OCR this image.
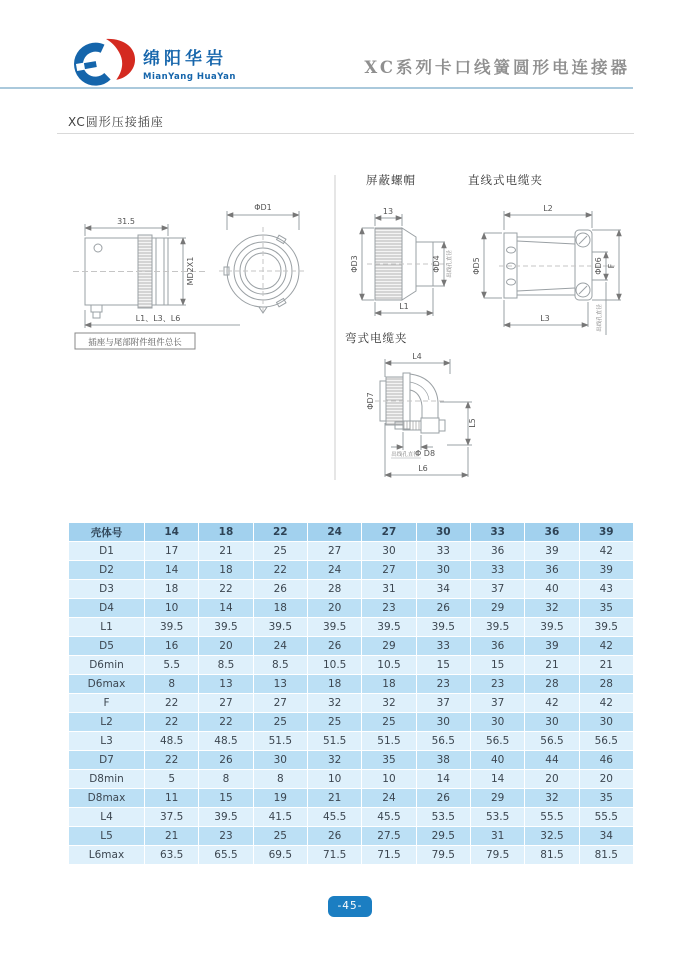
绵阳华岩
MianYang HuaYan	XC系列卡口线簧圆形电连接器
XC圆形压接插座
31.5
MD2X1
L1、L3、L6
插座与尾部附件组件总长
ΦD1
屏蔽螺帽
13
ΦD3	ΦD4	出线孔直径
L1
直线式电缆夹
L2
ΦD5	ΦD6 F
L3	出线孔直径
弯式电缆夹
L4
ΦD7
L5
Φ D8
出线孔直径
L6
壳体号	14	18	22	24	27	30	33	36	39
D1	17	21	25	27	30	33	36	39	42
D2	14	18	22	24	27	30	33	36	39
D3	18	22	26	28	31	34	37	40	43
D4	10	14	18	20	23	26	29	32	35
L1	39.5	39.5	39.5	39.5	39.5	39.5	39.5	39.5	39.5
D5	16	20	24	26	29	33	36	39	42
D6min	5.5	8.5	8.5	10.5	10.5	15	15	21	21
D6max	8	13	13	18	18	23	23	28	28
F	22	27	27	32	32	37	37	42	42
L2	22	22	25	25	25	30	30	30	30
L3	48.5	48.5	51.5	51.5	51.5	56.5	56.5	56.5	56.5
D7	22	26	30	32	35	38	40	44	46
D8min	5	8	8	10	10	14	14	20	20
D8max	11	15	19	21	24	26	29	32	35
L4	37.5	39.5	41.5	45.5	45.5	53.5	53.5	55.5	55.5
L5	21	23	25	26	27.5	29.5	31	32.5	34
L6max	63.5	65.5	69.5	71.5	71.5	79.5	79.5	81.5	81.5
-45-
